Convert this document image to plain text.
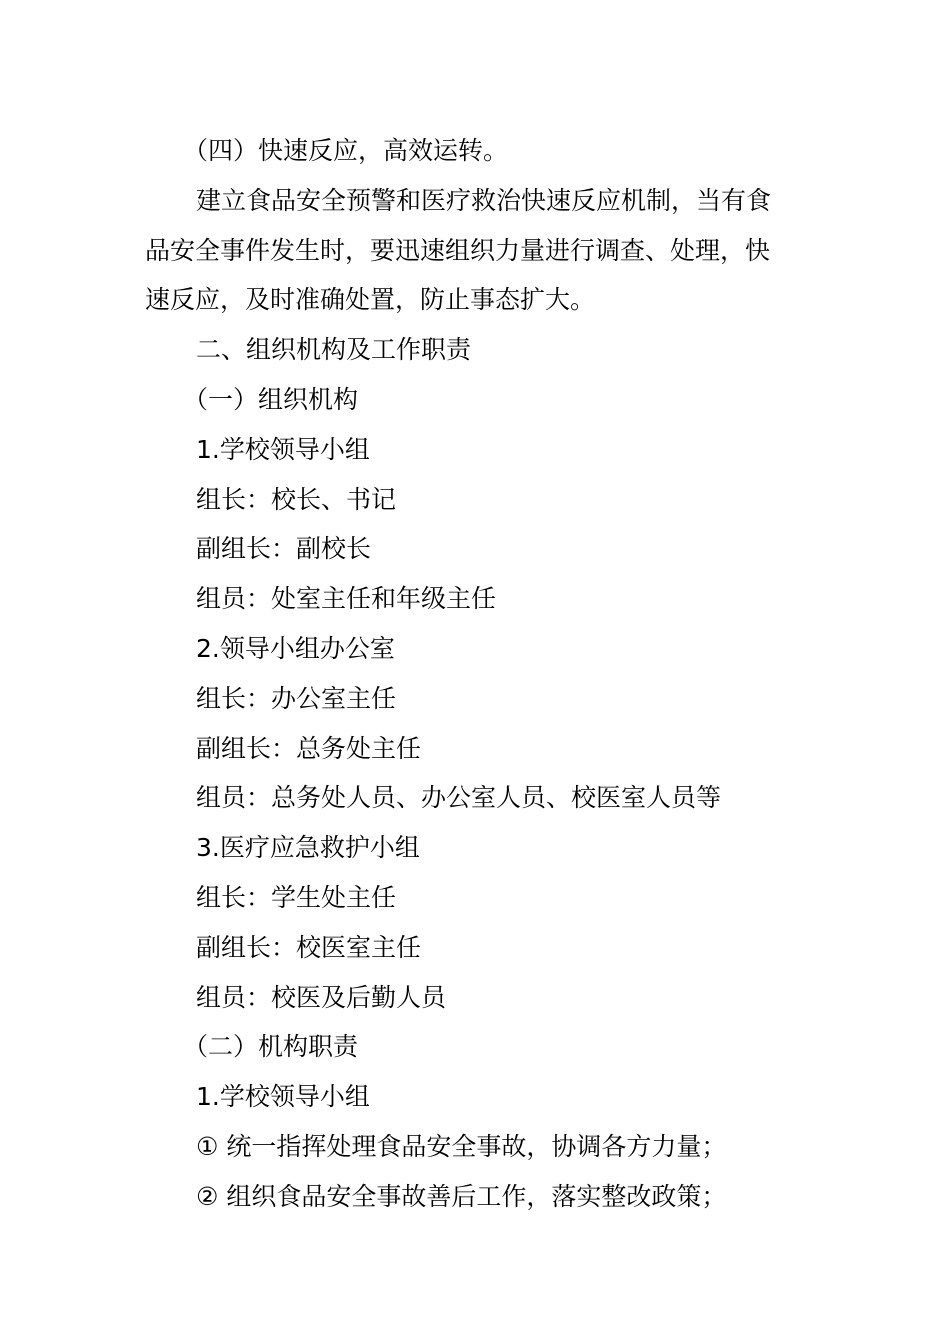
（四）快速反应，高效运转。
建立食品安全预警和医疗救治快速反应机制，当有食
品安全事件发生时，要迅速组织力量进行调查、处理，快
速反应，及时准确处置，防止事态扩大。
二、组织机构及工作职责
（一）组织机构
1.学校领导小组
组长：校长、书记
副组长：副校长
组员：处室主任和年级主任
2.领导小组办公室
组长：办公室主任
副组长：总务处主任
组员：总务处人员、办公室人员、校医室人员等
3.医疗应急救护小组
组长：学生处主任
副组长：校医室主任
组员：校医及后勤人员
（二）机构职责
1.学校领导小组
① 统一指挥处理食品安全事故，协调各方力量；
② 组织食品安全事故善后工作，落实整改政策；
